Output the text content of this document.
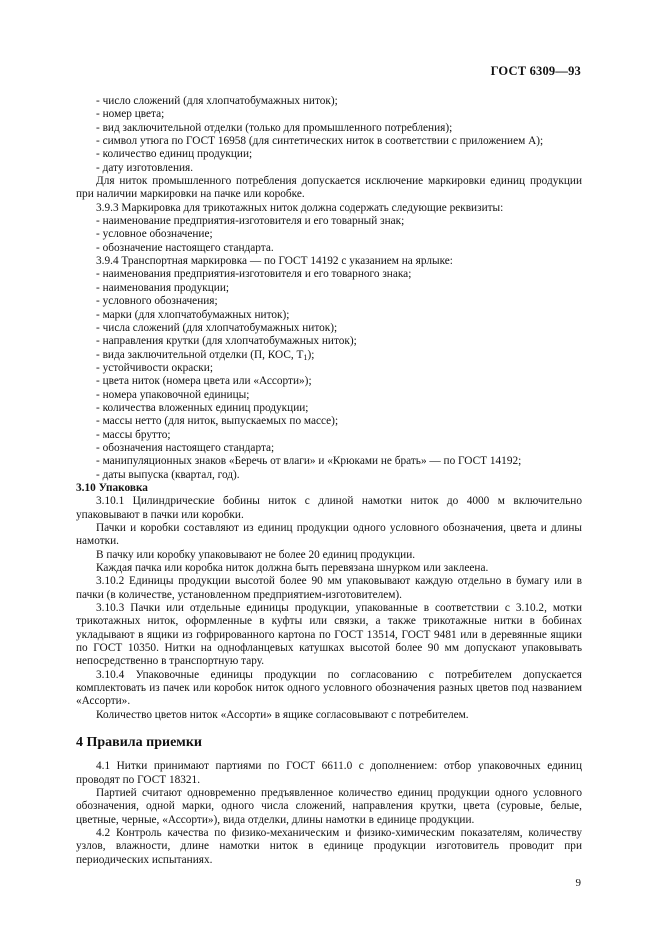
ГОСТ 6309—93

- число сложений (для хлопчатобумажных ниток);

- номер цвета;

- вид заключительной отделки (только для промышленного потребления);

- символ утюга по ГОСТ 16958 (для синтетических ниток в соответствии с приложением А);

- количество единиц продукции;

- дату изготовления.

Для ниток промышленного потребления допускается исключение маркировки единиц продукции при наличии маркировки на пачке или коробке.

3.9.3 Маркировка для трикотажных ниток должна содержать следующие реквизиты:

- наименование предприятия-изготовителя и его товарный знак;

- условное обозначение;

- обозначение настоящего стандарта.

3.9.4 Транспортная маркировка — по ГОСТ 14192 с указанием на ярлыке:

- наименования предприятия-изготовителя и его товарного знака;

- наименования продукции;

- условного обозначения;

- марки (для хлопчатобумажных ниток);

- числа сложений (для хлопчатобумажных ниток);

- направления крутки (для хлопчатобумажных ниток);

- вида заключительной отделки (П, КОС, $Т_1$);

- устойчивости окраски;

- цвета ниток (номера цвета или «Ассорти»);

- номера упаковочной единицы;

- количества вложенных единиц продукции;

- массы нетто (для ниток, выпускаемых по массе);

- массы брутто;

- обозначения настоящего стандарта;

- манипуляционных знаков «Беречь от влаги» и «Крюками не брать» — по ГОСТ 14192;

- даты выпуска (квартал, год).

3.10 Упаковка

3.10.1 Цилиндрические бобины ниток с длиной намотки ниток до 4000 м включительно упаковывают в пачки или коробки.

Пачки и коробки составляют из единиц продукции одного условного обозначения, цвета и длины намотки.

В пачку или коробку упаковывают не более 20 единиц продукции.

Каждая пачка или коробка ниток должна быть перевязана шнурком или заклеена.

3.10.2 Единицы продукции высотой более 90 мм упаковывают каждую отдельно в бумагу или в пачки (в количестве, установленном предприятием-изготовителем).

3.10.3 Пачки или отдельные единицы продукции, упакованные в соответствии с 3.10.2, мотки трикотажных ниток, оформленные в куфты или связки, а также трикотажные нитки в бобинах укладывают в ящики из гофрированного картона по ГОСТ 13514, ГОСТ 9481 или в деревянные ящики по ГОСТ 10350. Нитки на однофланцевых катушках высотой более 90 мм допускают упаковывать непосредственно в транспортную тару.

3.10.4 Упаковочные единицы продукции по согласованию с потребителем допускается комплектовать из пачек или коробок ниток одного условного обозначения разных цветов под названием «Ассорти».

Количество цветов ниток «Ассорти» в ящике согласовывают с потребителем.

4 Правила приемки

4.1 Нитки принимают партиями по ГОСТ 6611.0 с дополнением: отбор упаковочных единиц проводят по ГОСТ 18321.

Партией считают одновременно предъявленное количество единиц продукции одного условного обозначения, одной марки, одного числа сложений, направления крутки, цвета (суровые, белые, цветные, черные, «Ассорти»), вида отделки, длины намотки в единице продукции.

4.2 Контроль качества по физико-механическим и физико-химическим показателям, количеству узлов, влажности, длине намотки ниток в единице продукции изготовитель проводит при периодических испытаниях.

9
